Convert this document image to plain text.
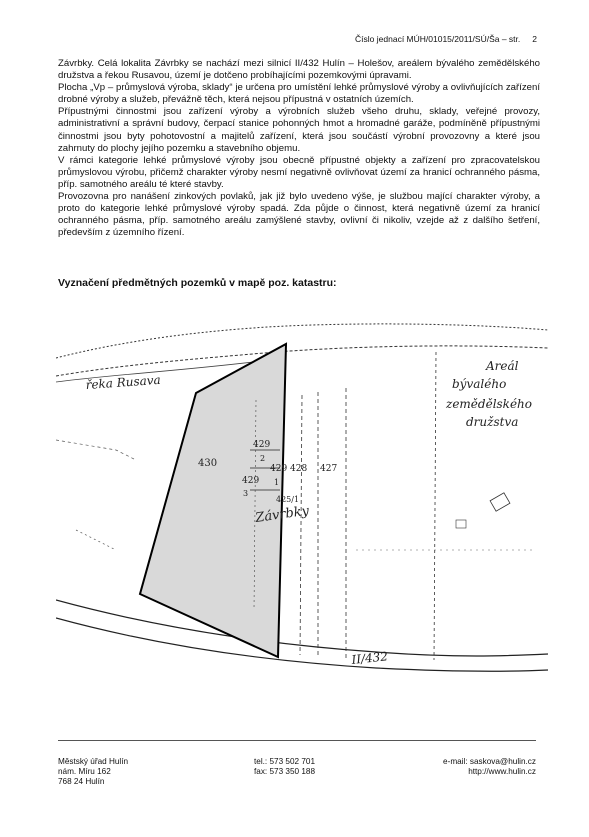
Číslo jednací MÚH/01015/2011/SÚ/Ša – str. 2

Závrbky. Celá lokalita Závrbky se nachází mezi silnicí II/432 Hulín – Holešov, areálem bývalého zemědělského družstva a řekou Rusavou, území je dotčeno probíhajícími pozemkovými úpravami.

Plocha „Vp – průmyslová výroba, sklady“ je určena pro umístění lehké průmyslové výroby a ovlivňujících zařízení drobné výroby a služeb, převážně těch, která nejsou přípustná v ostatních územích.

Přípustnými činnostmi jsou zařízení výroby a výrobních služeb všeho druhu, sklady, veřejné provozy, administrativní a správní budovy, čerpací stanice pohonných hmot a hromadné garáže, podmíněně přípustnými činnostmi jsou byty pohotovostní a majitelů zařízení, která jsou součástí výrobní provozovny a které jsou zahrnuty do plochy jejího pozemku a stavebního objemu.

V rámci kategorie lehké průmyslové výroby jsou obecně přípustné objekty a zařízení pro zpracovatelskou průmyslovou výrobu, přičemž charakter výroby nesmí negativně ovlivňovat území za hranicí ochranného pásma, příp. samotného areálu té které stavby.

Provozovna pro nanášení zinkových povlaků, jak již bylo uvedeno výše, je službou mající charakter výroby, a proto do kategorie lehké průmyslové výroby spadá. Zda půjde o činnost, která negativně území za hranicí ochranného pásma, příp. samotného areálu zamýšlené stavby, ovlivní či nikoliv, vzejde až z dalšího šetření, především z územního řízení.

Vyznačení předmětných pozemků v mapě poz. katastru:
řeka Rusava
Areál
bývalého
zemědělského
družstva
430
429
2
429
3
429
1
428 427
425/1
Závrbky
II/432
Městský úřad Hulín
nám. Míru 162
768 24 Hulín
tel.: 573 502 701
fax: 573 350 188
e-mail: saskova@hulin.cz
http://www.hulin.cz
